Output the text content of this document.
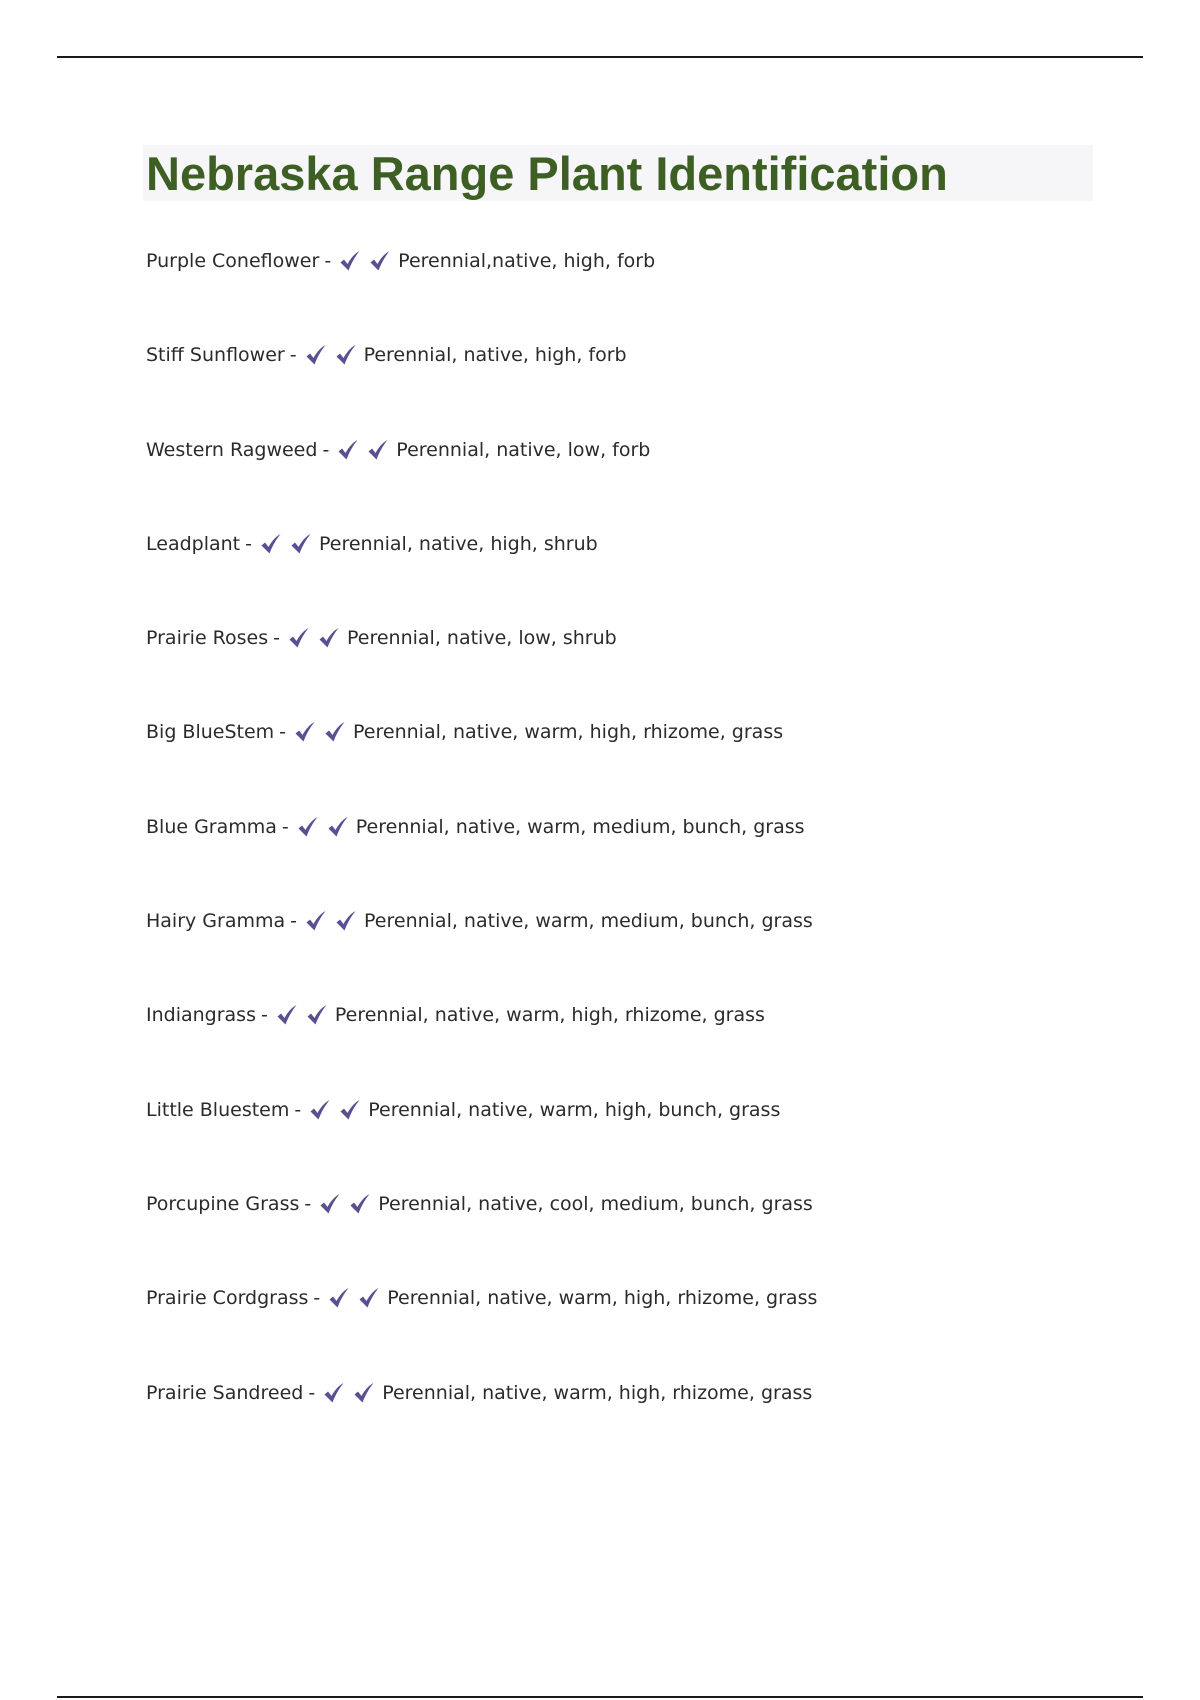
Nebraska Range Plant Identification
Purple Coneflower -	Perennial,native, high, forb
Stiff Sunflower -	Perennial, native, high, forb
Western Ragweed -	Perennial, native, low, forb
Leadplant -	Perennial, native, high, shrub
Prairie Roses -	Perennial, native, low, shrub
Big BlueStem -	Perennial, native, warm, high, rhizome, grass
Blue Gramma -	Perennial, native, warm, medium, bunch, grass
Hairy Gramma -	Perennial, native, warm, medium, bunch, grass
Indiangrass -	Perennial, native, warm, high, rhizome, grass
Little Bluestem -	Perennial, native, warm, high, bunch, grass
Porcupine Grass -	Perennial, native, cool, medium, bunch, grass
Prairie Cordgrass -	Perennial, native, warm, high, rhizome, grass
Prairie Sandreed -	Perennial, native, warm, high, rhizome, grass
